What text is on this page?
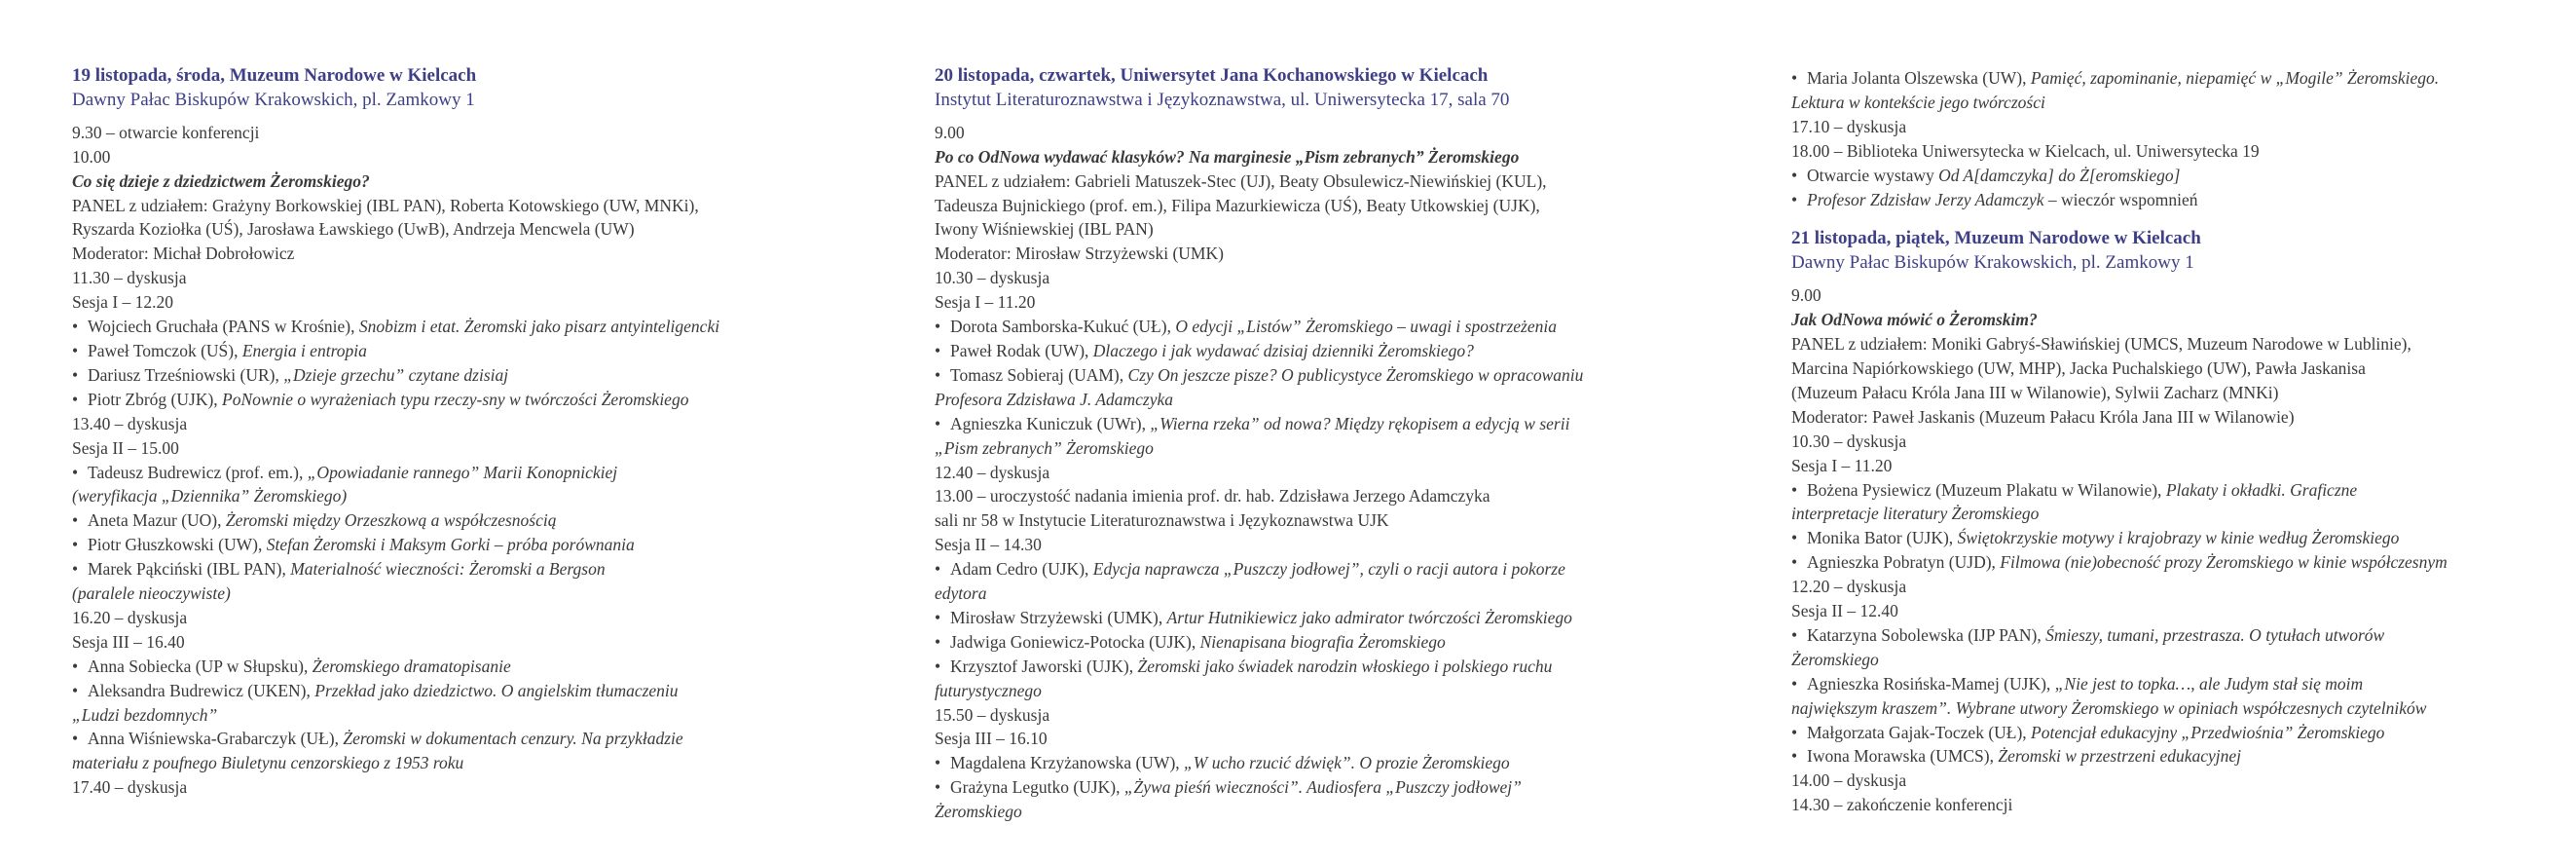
19 listopada, środa, Muzeum Narodowe w Kielcach
Dawny Pałac Biskupów Krakowskich, pl. Zamkowy 1
9.30 – otwarcie konferencji
10.00
Co się dzieje z dziedzictwem Żeromskiego?
PANEL z udziałem: Grażyny Borkowskiej (IBL PAN), Roberta Kotowskiego (UW, MNKi),
Ryszarda Koziołka (UŚ), Jarosława Ławskiego (UwB), Andrzeja Mencwela (UW)
Moderator: Michał Dobrołowicz
11.30 – dyskusja
Sesja I – 12.20
• Wojciech Gruchała (PANS w Krośnie), Snobizm i etat. Żeromski jako pisarz antyinteligencki
• Paweł Tomczok (UŚ), Energia i entropia
• Dariusz Trześniowski (UR), „Dzieje grzechu” czytane dzisiaj
• Piotr Zbróg (UJK), PoNownie o wyrażeniach typu rzeczy-sny w twórczości Żeromskiego
13.40 – dyskusja
Sesja II – 15.00
• Tadeusz Budrewicz (prof. em.), „Opowiadanie rannego” Marii Konopnickiej
(weryfikacja „Dziennika” Żeromskiego)
• Aneta Mazur (UO), Żeromski między Orzeszkową a współczesnością
• Piotr Głuszkowski (UW), Stefan Żeromski i Maksym Gorki – próba porównania
• Marek Pąkciński (IBL PAN), Materialność wieczności: Żeromski a Bergson
(paralele nieoczywiste)
16.20 – dyskusja
Sesja III – 16.40
• Anna Sobiecka (UP w Słupsku), Żeromskiego dramatopisanie
• Aleksandra Budrewicz (UKEN), Przekład jako dziedzictwo. O angielskim tłumaczeniu
„Ludzi bezdomnych”
• Anna Wiśniewska-Grabarczyk (UŁ), Żeromski w dokumentach cenzury. Na przykładzie
materiału z poufnego Biuletynu cenzorskiego z 1953 roku
17.40 – dyskusja
20 listopada, czwartek, Uniwersytet Jana Kochanowskiego w Kielcach
Instytut Literaturoznawstwa i Językoznawstwa, ul. Uniwersytecka 17, sala 70
9.00
Po co OdNowa wydawać klasyków? Na marginesie „Pism zebranych” Żeromskiego
PANEL z udziałem: Gabrieli Matuszek-Stec (UJ), Beaty Obsulewicz-Niewińskiej (KUL),
Tadeusza Bujnickiego (prof. em.), Filipa Mazurkiewicza (UŚ), Beaty Utkowskiej (UJK),
Iwony Wiśniewskiej (IBL PAN)
Moderator: Mirosław Strzyżewski (UMK)
10.30 – dyskusja
Sesja I – 11.20
• Dorota Samborska-Kukuć (UŁ), O edycji „Listów” Żeromskiego – uwagi i spostrzeżenia
• Paweł Rodak (UW), Dlaczego i jak wydawać dzisiaj dzienniki Żeromskiego?
• Tomasz Sobieraj (UAM), Czy On jeszcze pisze? O publicystyce Żeromskiego w opracowaniu
Profesora Zdzisława J. Adamczyka
• Agnieszka Kuniczuk (UWr), „Wierna rzeka” od nowa? Między rękopisem a edycją w serii
„Pism zebranych” Żeromskiego
12.40 – dyskusja
13.00 – uroczystość nadania imienia prof. dr. hab. Zdzisława Jerzego Adamczyka
sali nr 58 w Instytucie Literaturoznawstwa i Językoznawstwa UJK
Sesja II – 14.30
• Adam Cedro (UJK), Edycja naprawcza „Puszczy jodłowej”, czyli o racji autora i pokorze
edytora
• Mirosław Strzyżewski (UMK), Artur Hutnikiewicz jako admirator twórczości Żeromskiego
• Jadwiga Goniewicz-Potocka (UJK), Nienapisana biografia Żeromskiego
• Krzysztof Jaworski (UJK), Żeromski jako świadek narodzin włoskiego i polskiego ruchu
futurystycznego
15.50 – dyskusja
Sesja III – 16.10
• Magdalena Krzyżanowska (UW), „W ucho rzucić dźwięk”. O prozie Żeromskiego
• Grażyna Legutko (UJK), „Żywa pieśń wieczności”. Audiosfera „Puszczy jodłowej”
Żeromskiego
• Maria Jolanta Olszewska (UW), Pamięć, zapominanie, niepamięć w „Mogile” Żeromskiego.
Lektura w kontekście jego twórczości
17.10 – dyskusja
18.00 – Biblioteka Uniwersytecka w Kielcach, ul. Uniwersytecka 19
• Otwarcie wystawy Od A[damczyka] do Ż[eromskiego]
• Profesor Zdzisław Jerzy Adamczyk – wieczór wspomnień
21 listopada, piątek, Muzeum Narodowe w Kielcach
Dawny Pałac Biskupów Krakowskich, pl. Zamkowy 1
9.00
Jak OdNowa mówić o Żeromskim?
PANEL z udziałem: Moniki Gabryś-Sławińskiej (UMCS, Muzeum Narodowe w Lublinie),
Marcina Napiórkowskiego (UW, MHP), Jacka Puchalskiego (UW), Pawła Jaskanisa
(Muzeum Pałacu Króla Jana III w Wilanowie), Sylwii Zacharz (MNKi)
Moderator: Paweł Jaskanis (Muzeum Pałacu Króla Jana III w Wilanowie)
10.30 – dyskusja
Sesja I – 11.20
• Bożena Pysiewicz (Muzeum Plakatu w Wilanowie), Plakaty i okładki. Graficzne
interpretacje literatury Żeromskiego
• Monika Bator (UJK), Świętokrzyskie motywy i krajobrazy w kinie według Żeromskiego
• Agnieszka Pobratyn (UJD), Filmowa (nie)obecność prozy Żeromskiego w kinie współczesnym
12.20 – dyskusja
Sesja II – 12.40
• Katarzyna Sobolewska (IJP PAN), Śmieszy, tumani, przestrasza. O tytułach utworów
Żeromskiego
• Agnieszka Rosińska-Mamej (UJK), „Nie jest to topka…, ale Judym stał się moim
największym kraszem”. Wybrane utwory Żeromskiego w opiniach współczesnych czytelników
• Małgorzata Gajak-Toczek (UŁ), Potencjał edukacyjny „Przedwiośnia” Żeromskiego
• Iwona Morawska (UMCS), Żeromski w przestrzeni edukacyjnej
14.00 – dyskusja
14.30 – zakończenie konferencji
